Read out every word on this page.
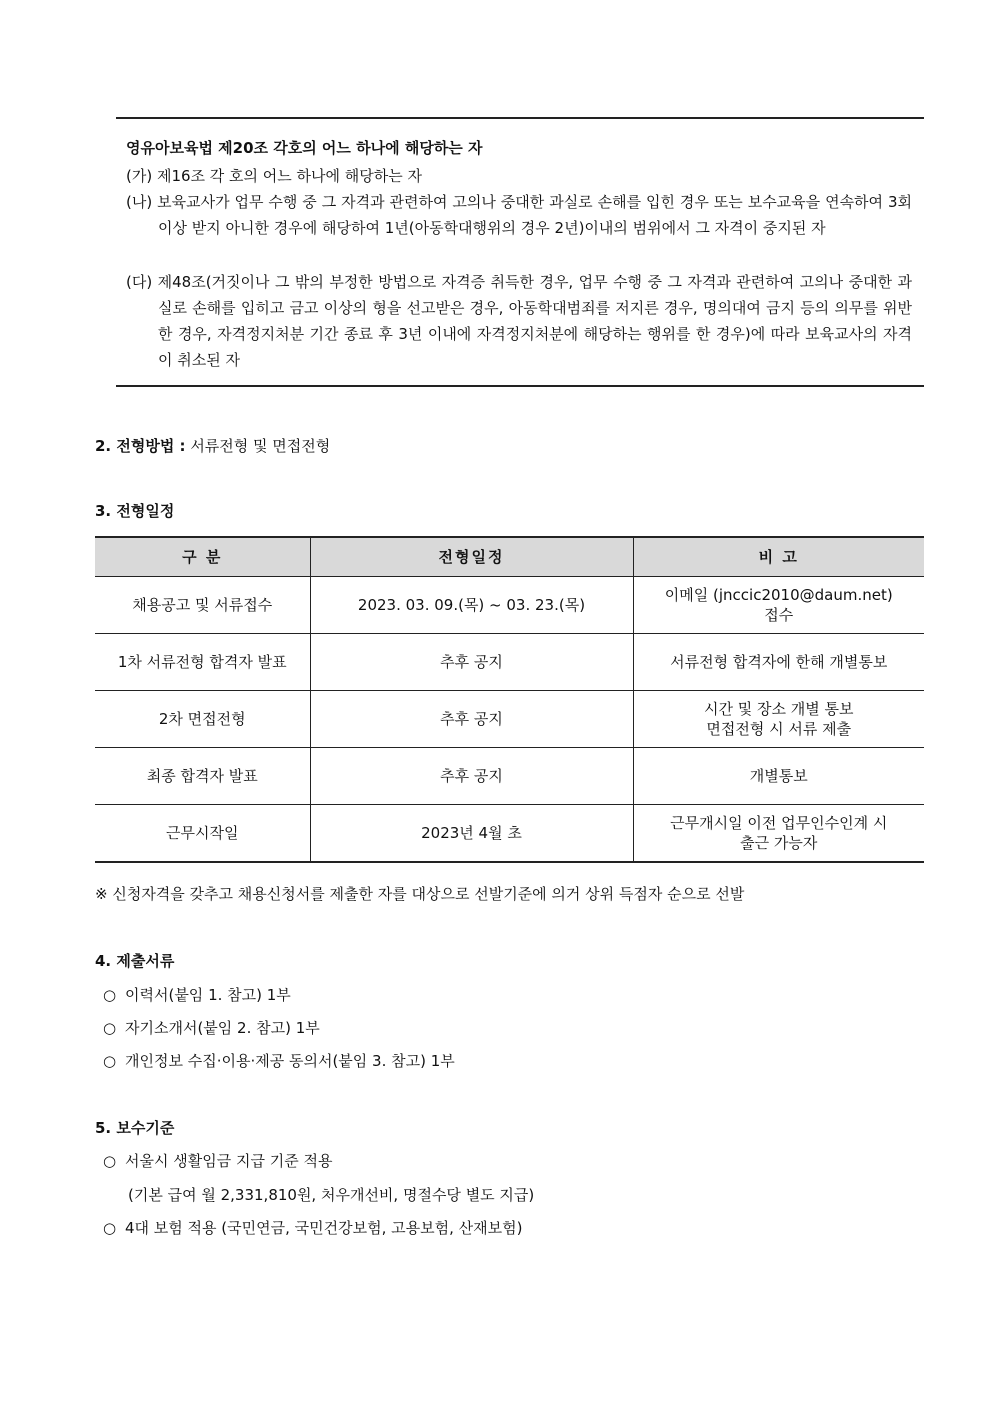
영유아보육법 제20조 각호의 어느 하나에 해당하는 자
(가) 제16조 각 호의 어느 하나에 해당하는 자
(나) 보육교사가 업무 수행 중 그 자격과 관련하여 고의나 중대한 과실로 손해를 입힌 경우 또는 보수교육을 연속하여 3회 이상 받지 아니한 경우에 해당하여 1년(아동학대행위의 경우 2년)이내의 범위에서 그 자격이 중지된 자
(다) 제48조(거짓이나 그 밖의 부정한 방법으로 자격증 취득한 경우, 업무 수행 중 그 자격과 관련하여 고의나 중대한 과실로 손해를 입히고 금고 이상의 형을 선고받은 경우, 아동학대범죄를 저지른 경우, 명의대여 금지 등의 의무를 위반한 경우, 자격정지처분 기간 종료 후 3년 이내에 자격정지처분에 해당하는 행위를 한 경우)에 따라 보육교사의 자격이 취소된 자
2. 전형방법 : 서류전형 및 면접전형
3. 전형일정
구 분	전형일정	비 고
채용공고 및 서류접수	2023. 03. 09.(목) ~ 03. 23.(목)	이메일 (jnccic2010@daum.net)
접수

1차 서류전형 합격자 발표	추후 공지	서류전형 합격자에 한해 개별통보

2차 면접전형	추후 공지	시간 및 장소 개별 통보
면접전형 시 서류 제출

최종 합격자 발표	추후 공지	개별통보

근무시작일	2023년 4월 초	근무개시일 이전 업무인수인계 시
출근 가능자
※ 신청자격을 갖추고 채용신청서를 제출한 자를 대상으로 선발기준에 의거 상위 득점자 순으로 선발
4. 제출서류
○ 이력서(붙임 1. 참고) 1부
○ 자기소개서(붙임 2. 참고) 1부
○ 개인정보 수집·이용·제공 동의서(붙임 3. 참고) 1부
5. 보수기준
○ 서울시 생활임금 지급 기준 적용
(기본 급여 월 2,331,810원, 처우개선비, 명절수당 별도 지급)
○ 4대 보험 적용 (국민연금, 국민건강보험, 고용보험, 산재보험)
